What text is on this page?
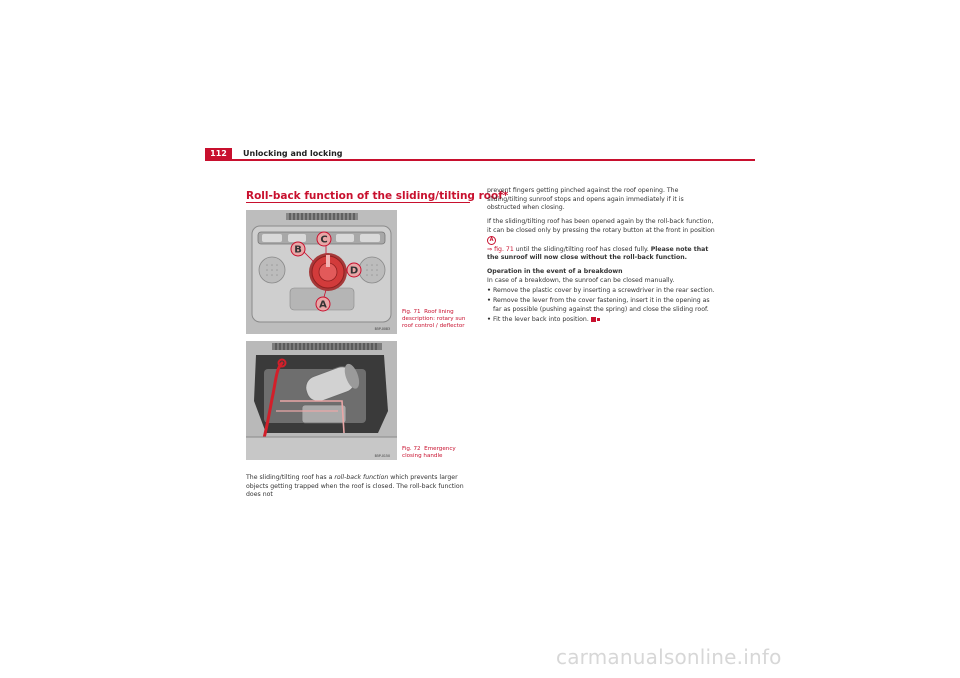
112	Unlocking and locking
Roll-back function of the sliding/tilting roof*
B
C
D
A
B5P-0083
Fig. 71 Roof lining description: rotary sun roof control / deflector
B5P-0150
Fig. 72 Emergency closing handle
The sliding/tilting roof has a roll-back function which prevents larger objects getting trapped when the roof is closed. The roll-back function does not

prevent fingers getting pinched against the roof opening. The sliding/tilting sunroof stops and opens again immediately if it is obstructed when closing.

If the sliding/tilting roof has been opened again by the roll-back function, it can be closed only by pressing the rotary button at the front in position A
⇒ fig. 71 until the sliding/tilting roof has closed fully. Please note that the sunroof will now close without the roll-back function.

Operation in the event of a breakdown

In case of a breakdown, the sunroof can be closed manually.

• Remove the plastic cover by inserting a screwdriver in the rear section.

• Remove the lever from the cover fastening, insert it in the opening as far as possible (pushing against the spring) and close the sliding roof.

• Fit the lever back into position.

carmanualsonline.info
